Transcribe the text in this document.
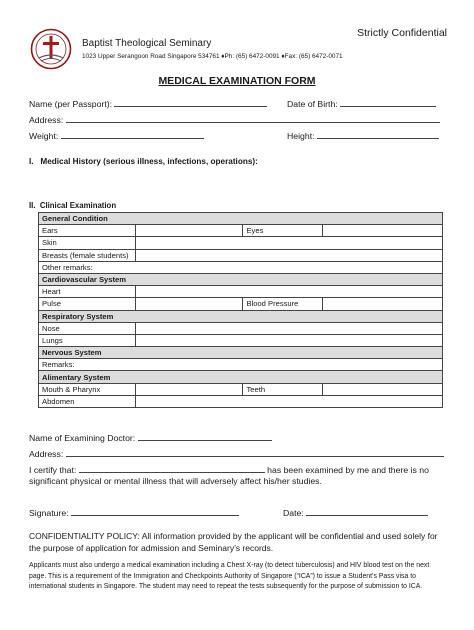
Strictly Confidential
Baptist Theological Seminary
1023 Upper Serangoon Road Singapore 534761 ♦Ph: (65) 6472-0091 ♦Fax: (65) 6472-0071
MEDICAL EXAMINATION FORM
Name (per Passport):	Date of Birth:
Address:
Weight:	Height:
I.   Medical History (serious illness, infections, operations):
II.  Clinical Examination
General Condition			
Ears		Eyes	
Skin			
Breasts (female students)			
Other remarks:			
Cardiovascular System			
Heart			
Pulse		Blood Pressure	
Respiratory System			
Nose			
Lungs			
Nervous System			
Remarks:			
Alimentary System			
Mouth & Pharynx		Teeth	
Abdomen			
Name of Examining Doctor:
Address:
I certify that:	has been examined by me and there is no
significant physical or mental illness that will adversely affect his/her studies.
Signature:	Date:
CONFIDENTIALITY POLICY: All information provided by the applicant will be confidential and used solely for the purpose of application for admission and Seminary’s records.
Applicants must also undergo a medical examination including a Chest X-ray (to detect tuberculosis) and HIV blood test on the next page. This is a requirement of the Immigration and Checkpoints Authority of Singapore (“ICA”) to issue a Student’s Pass visa to international students in Singapore. The student may need to repeat the tests subsequently for the purpose of submission to ICA.
